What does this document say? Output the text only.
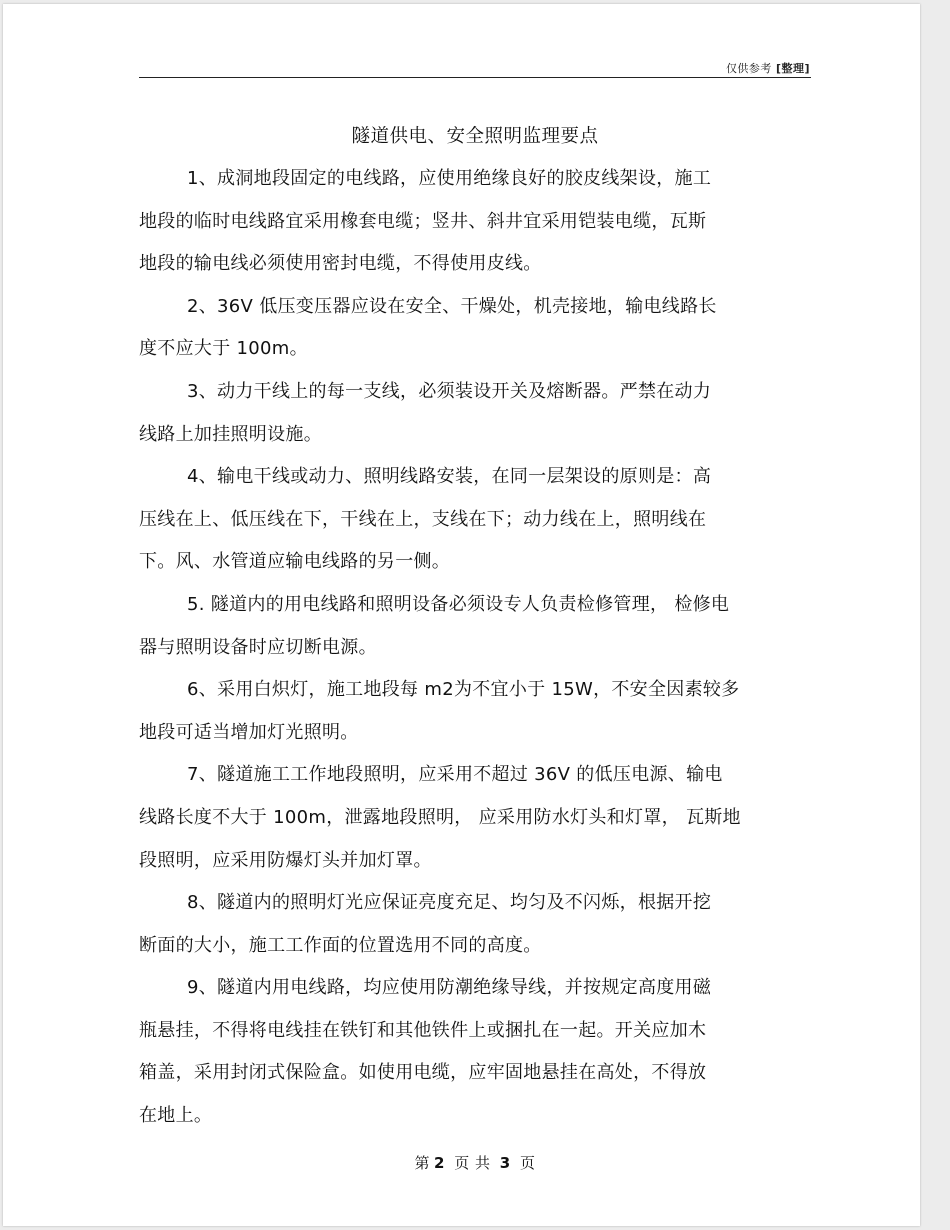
仅供参考 [整理]
隧道供电、安全照明监理要点
1、成洞地段固定的电线路，应使用绝缘良好的胶皮线架设，施工
地段的临时电线路宜采用橡套电缆；竖井、斜井宜采用铠装电缆，瓦斯
地段的输电线必须使用密封电缆，不得使用皮线。
2、36V 低压变压器应设在安全、干燥处，机壳接地，输电线路长
度不应大于 100m。
3、动力干线上的每一支线，必须装设开关及熔断器。严禁在动力
线路上加挂照明设施。
4、输电干线或动力、照明线路安装，在同一层架设的原则是：高
压线在上、低压线在下，干线在上，支线在下；动力线在上，照明线在
下。风、水管道应输电线路的另一侧。
5. 隧道内的用电线路和照明设备必须设专人负责检修管理， 检修电
器与照明设备时应切断电源。
6、采用白炽灯，施工地段每 m2为不宜小于 15W，不安全因素较多
地段可适当增加灯光照明。
7、隧道施工工作地段照明，应采用不超过 36V 的低压电源、输电
线路长度不大于 100m，泄露地段照明， 应采用防水灯头和灯罩， 瓦斯地
段照明，应采用防爆灯头并加灯罩。
8、隧道内的照明灯光应保证亮度充足、均匀及不闪烁，根据开挖
断面的大小，施工工作面的位置选用不同的高度。
9、隧道内用电线路，均应使用防潮绝缘导线，并按规定高度用磁
瓶悬挂，不得将电线挂在铁钉和其他铁件上或捆扎在一起。开关应加木
箱盖，采用封闭式保险盒。如使用电缆，应牢固地悬挂在高处，不得放
在地上。
第 2 页 共 3 页
